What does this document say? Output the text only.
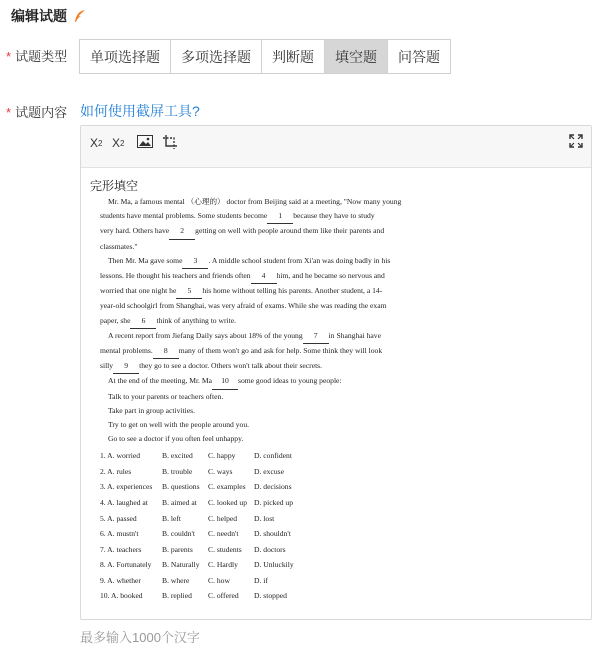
编辑试题
* 试题类型	单项选择题	多项选择题	判断题	填空题	问答题
* 试题内容 如何使用截屏工具?
X 2 X 2
完形填空

Mr. Ma, a famous mental （心理的） doctor from Beijing said at a meeting, "Now many young

students have mental problems. Some students become 1 because they have to study

very hard. Others have 2 getting on well with people around them like their parents and

classmates."

Then Mr. Ma gave some 3 . A middle school student from Xi'an was doing badly in his

lessons. He thought his teachers and friends often 4 him, and he became so nervous and

worried that one night he 5 his home without telling his parents. Another student, a 14-

year-old schoolgirl from Shanghai, was very afraid of exams. While she was reading the exam

paper, she 6 think of anything to write.

A recent report from Jiefang Daily says about 18% of the young 7 in Shanghai have

mental problems. 8 many of them won't go and ask for help. Some think they will look

silly 9 they go to see a doctor. Others won't talk about their secrets.

At the end of the meeting, Mr. Ma 10 some good ideas to young people:

Talk to your parents or teachers often.

Take part in group activities.

Try to get on well with the people around you.

Go to see a doctor if you often feel unhappy.

1. A. worried	B. excited	C. happy	D. confident
2. A. rules	B. trouble	C. ways	D. excuse
3. A. experiences	B. questions	C. examples	D. decisions
4. A. laughed at	B. aimed at	C. looked up D. picked up
5. A. passed	B. left	C. helped	D. lost
6. A. mustn't	B. couldn't	C. needn't	D. shouldn't
7. A. teachers	B. parents	C. students	D. doctors
8. A. Fortunately	B. Naturally	C. Hardly	D. Unluckily
9. A. whether	B. where	C. how	D. if
10. A. booked	B. replied	C. offered	D. stopped
最多输入1000个汉字
